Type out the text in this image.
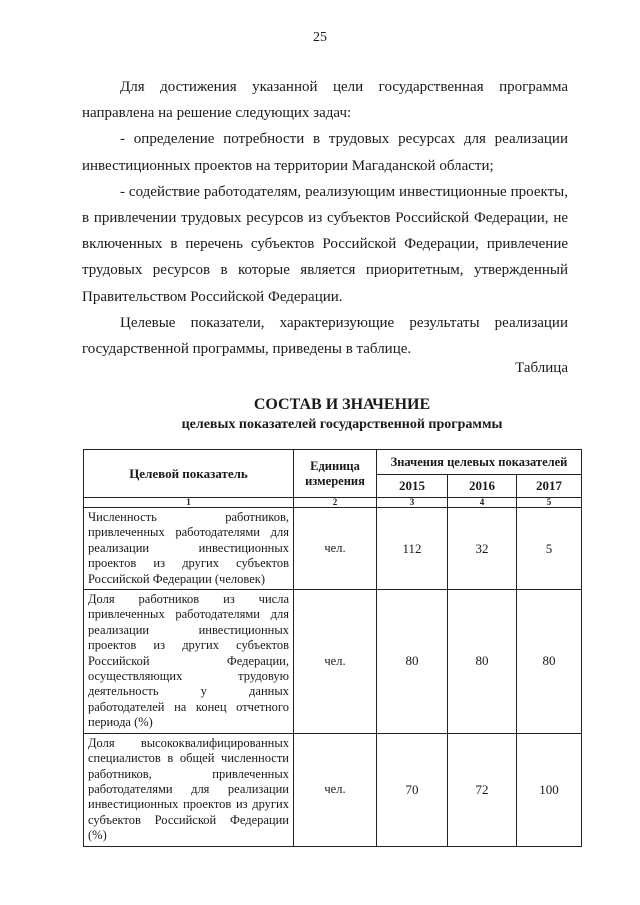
25

Для достижения указанной цели государственная программа направлена на решение следующих задач:

- определение потребности в трудовых ресурсах для реализации инвестиционных проектов на территории Магаданской области;

- содействие работодателям, реализующим инвестиционные проекты, в привлечении трудовых ресурсов из субъектов Российской Федерации, не включенных в перечень субъектов Российской Федерации, привлечение трудовых ресурсов в которые является приоритетным, утвержденный Правительством Российской Федерации.

Целевые показатели, характеризующие результаты реализации государственной программы, приведены в таблице.

Таблица
СОСТАВ И ЗНАЧЕНИЕ
целевых показателей государственной программы
Целевой показатель	Единица измерения	Значения целевых показателей		
		2015	2016	2017
1	2	3	4	5
Численность работников, привлеченных работодателями для реализации инвестиционных проектов из других субъектов Российской Федерации (человек)	чел.	112	32	5
Доля работников из числа привлеченных работодателями для реализации инвестиционных проектов из других субъектов Российской Федерации, осуществляющих трудовую деятельность у данных работодателей на конец отчетного периода (%)	чел.	80	80	80
Доля высококвалифицированных специалистов в общей численности работников, привлеченных работодателями для реализации инвестиционных проектов из других субъектов Российской Федерации (%)	чел.	70	72	100
